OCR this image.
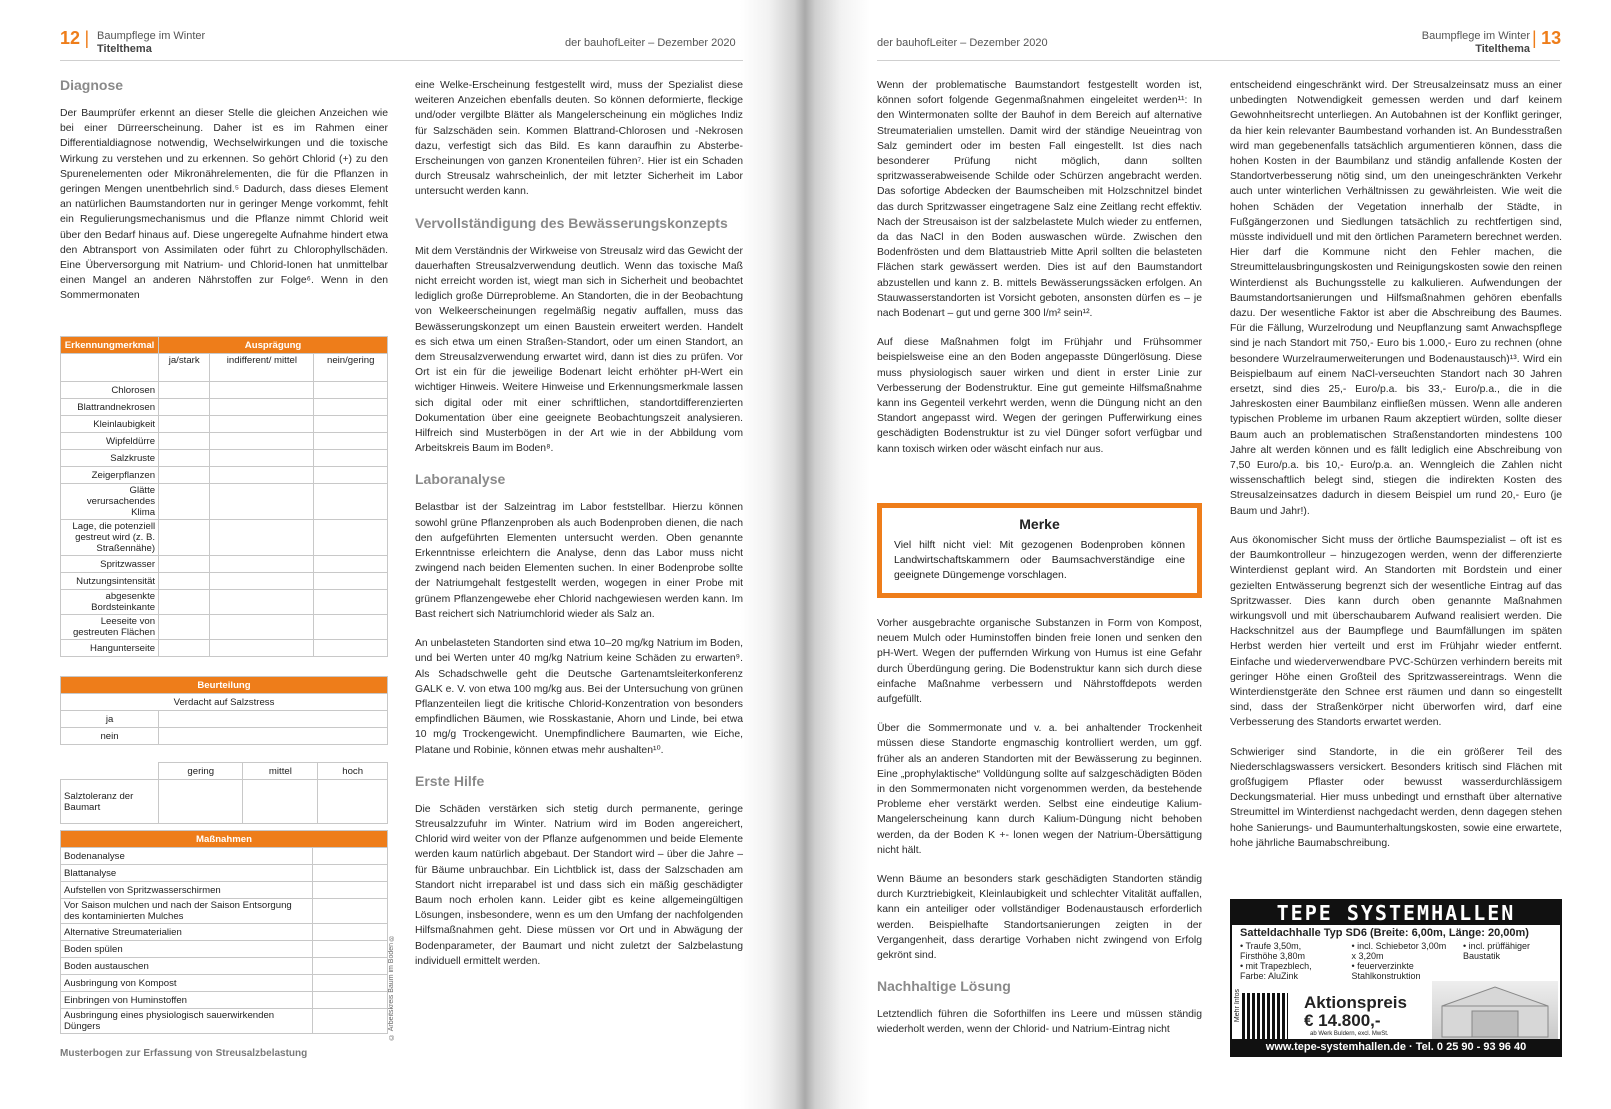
12 | Baumpflege im Winter
Titelthema	der bauhofLeiter – Dezember 2020	der bauhofLeiter – Dezember 2020
Baumpflege im Winter
Titelthema
| 13
Diagnose

Der Baumprüfer erkennt an dieser Stelle die gleichen Anzeichen wie bei einer Dürreerscheinung. Daher ist es im Rahmen einer Differentialdiagnose notwendig, Wechselwirkungen und die toxische Wirkung zu verstehen und zu erkennen. So gehört Chlorid (+) zu den Spurenelementen oder Mikronährelementen, die für die Pflanzen in geringen Mengen unentbehrlich sind.⁵ Dadurch, dass dieses Element an natürlichen Baumstandorten nur in geringer Menge vorkommt, fehlt ein Regulierungsmechanismus und die Pflanze nimmt Chlorid weit über den Bedarf hinaus auf. Diese ungeregelte Aufnahme hindert etwa den Abtransport von Assimilaten oder führt zu Chlorophyllschäden. Eine Überversorgung mit Natrium- und Chlorid-Ionen hat unmittelbar einen Mangel an anderen Nährstoffen zur Folge⁶. Wenn in den Sommermonaten

Erkennungmerkmal	Ausprägung		
	ja/stark	indifferent/ mittel	nein/gering
Chlorosen			
Blattrandnekrosen			
Kleinlaubigkeit			
Wipfeldürre			
Salzkruste			
Zeigerpflanzen			
Glätte verursachendes Klima			
Lage, die potenziell gestreut wird (z. B. Straßennähe)			
Spritzwasser			
Nutzungsintensität			
abgesenkte Bordsteinkante			
Leeseite von gestreuten Flächen			
Hangunterseite			
Beurteilung			
Verdacht auf Salzstress			
ja			
nein			

	gering	mittel	hoch
Salztoleranz der Baumart			
Maßnahmen	
Bodenanalyse	
Blattanalyse	
Aufstellen von Spritzwasserschirmen	
Vor Saison mulchen und nach der Saison Entsorgung des kontaminierten Mulches	
Alternative Streumaterialien	
Boden spülen	
Boden austauschen	
Ausbringung von Kompost	
Einbringen von Huminstoffen	
Ausbringung eines physiologisch sauerwirkenden Düngers	
Musterbogen zur Erfassung von Streusalzbelastung
© Arbeitskreis Baum im Boden ®

eine Welke-Erscheinung festgestellt wird, muss der Spezialist diese weiteren Anzeichen ebenfalls deuten. So können deformierte, fleckige und/oder vergilbte Blätter als Mangelerscheinung ein mögliches Indiz für Salzschäden sein. Kommen Blattrand-Chlorosen und -Nekrosen dazu, verfestigt sich das Bild. Es kann daraufhin zu Absterbe-Erscheinungen von ganzen Kronenteilen führen⁷. Hier ist ein Schaden durch Streusalz wahrscheinlich, der mit letzter Sicherheit im Labor untersucht werden kann.

Vervollständigung des Bewässerungskonzepts

Mit dem Verständnis der Wirkweise von Streusalz wird das Gewicht der dauerhaften Streusalzverwendung deutlich. Wenn das toxische Maß nicht erreicht worden ist, wiegt man sich in Sicherheit und beobachtet lediglich große Dürreprobleme. An Standorten, die in der Beobachtung von Welkeerscheinungen regelmäßig negativ auffallen, muss das Bewässerungskonzept um einen Baustein erweitert werden. Handelt es sich etwa um einen Straßen-Standort, oder um einen Standort, an dem Streusalzverwendung erwartet wird, dann ist dies zu prüfen. Vor Ort ist ein für die jeweilige Bodenart leicht erhöhter pH-Wert ein wichtiger Hinweis. Weitere Hinweise und Erkennungsmerkmale lassen sich digital oder mit einer schriftlichen, standortdifferenzierten Dokumentation über eine geeignete Beobachtungszeit analysieren. Hilfreich sind Musterbögen in der Art wie in der Abbildung vom Arbeitskreis Baum im Boden⁸.

Laboranalyse

Belastbar ist der Salzeintrag im Labor feststellbar. Hierzu können sowohl grüne Pflanzenproben als auch Bodenproben dienen, die nach den aufgeführten Elementen untersucht werden. Oben genannte Erkenntnisse erleichtern die Analyse, denn das Labor muss nicht zwingend nach beiden Elementen suchen. In einer Bodenprobe sollte der Natriumgehalt festgestellt werden, wogegen in einer Probe mit grünem Pflanzengewebe eher Chlorid nachgewiesen werden kann. Im Bast reichert sich Natriumchlorid wieder als Salz an.

An unbelasteten Standorten sind etwa 10–20 mg/kg Natrium im Boden, und bei Werten unter 40 mg/kg Natrium keine Schäden zu erwarten⁹. Als Schadschwelle geht die Deutsche Gartenamtsleiterkonferenz GALK e. V. von etwa 100 mg/kg aus. Bei der Untersuchung von grünen Pflanzenteilen liegt die kritische Chlorid-Konzentration von besonders empfindlichen Bäumen, wie Rosskastanie, Ahorn und Linde, bei etwa 10 mg/g Trockengewicht. Unempfindlichere Baumarten, wie Eiche, Platane und Robinie, können etwas mehr aushalten¹⁰.

Erste Hilfe

Die Schäden verstärken sich stetig durch permanente, geringe Streusalzzufuhr im Winter. Natrium wird im Boden angereichert, Chlorid wird weiter von der Pflanze aufgenommen und beide Elemente werden kaum natürlich abgebaut. Der Standort wird – über die Jahre – für Bäume unbrauchbar. Ein Lichtblick ist, dass der Salzschaden am Standort nicht irreparabel ist und dass sich ein mäßig geschädigter Baum noch erholen kann. Leider gibt es keine allgemeingültigen Lösungen, insbesondere, wenn es um den Umfang der nachfolgenden Hilfsmaßnahmen geht. Diese müssen vor Ort und in Abwägung der Bodenparameter, der Baumart und nicht zuletzt der Salzbelastung individuell ermittelt werden.

Wenn der problematische Baumstandort festgestellt worden ist, können sofort folgende Gegenmaßnahmen eingeleitet werden¹¹: In den Wintermonaten sollte der Bauhof in dem Bereich auf alternative Streumaterialien umstellen. Damit wird der ständige Neueintrag von Salz gemindert oder im besten Fall eingestellt. Ist dies nach besonderer Prüfung nicht möglich, dann sollten spritzwasserabweisende Schilde oder Schürzen angebracht werden. Das sofortige Abdecken der Baumscheiben mit Holzschnitzel bindet das durch Spritzwasser eingetragene Salz eine Zeitlang recht effektiv. Nach der Streusaison ist der salzbelastete Mulch wieder zu entfernen, da das NaCl in den Boden auswaschen würde. Zwischen den Bodenfrösten und dem Blattaustrieb Mitte April sollten die belasteten Flächen stark gewässert werden. Dies ist auf den Baumstandort abzustellen und kann z. B. mittels Bewässerungssäcken erfolgen. An Stauwasserstandorten ist Vorsicht geboten, ansonsten dürfen es – je nach Bodenart – gut und gerne 300 l/m² sein¹².

Auf diese Maßnahmen folgt im Frühjahr und Frühsommer beispielsweise eine an den Boden angepasste Düngerlösung. Diese muss physiologisch sauer wirken und dient in erster Linie zur Verbesserung der Bodenstruktur. Eine gut gemeinte Hilfsmaßnahme kann ins Gegenteil verkehrt werden, wenn die Düngung nicht an den Standort angepasst wird. Wegen der geringen Pufferwirkung eines geschädigten Bodenstruktur ist zu viel Dünger sofort verfügbar und kann toxisch wirken oder wäscht einfach nur aus.

Merke
Viel hilft nicht viel: Mit gezogenen Bodenproben können Landwirtschaftskammern oder Baumsachverständige eine geeignete Düngemenge vorschlagen.

Vorher ausgebrachte organische Substanzen in Form von Kompost, neuem Mulch oder Huminstoffen binden freie Ionen und senken den pH-Wert. Wegen der puffernden Wirkung von Humus ist eine Gefahr durch Überdüngung gering. Die Bodenstruktur kann sich durch diese einfache Maßnahme verbessern und Nährstoffdepots werden aufgefüllt.

Über die Sommermonate und v. a. bei anhaltender Trockenheit müssen diese Standorte engmaschig kontrolliert werden, um ggf. früher als an anderen Standorten mit der Bewässerung zu beginnen. Eine „prophylaktische“ Volldüngung sollte auf salzgeschädigten Böden in den Sommermonaten nicht vorgenommen werden, da bestehende Probleme eher verstärkt werden. Selbst eine eindeutige Kalium-Mangelerscheinung kann durch Kalium-Düngung nicht behoben werden, da der Boden K +- lonen wegen der Natrium-Übersättigung nicht hält.

Wenn Bäume an besonders stark geschädigten Standorten ständig durch Kurztriebigkeit, Kleinlaubigkeit und schlechter Vitalität auffallen, kann ein anteiliger oder vollständiger Bodenaustausch erforderlich werden. Beispielhafte Standortsanierungen zeigten in der Vergangenheit, dass derartige Vorhaben nicht zwingend von Erfolg gekrönt sind.

Nachhaltige Lösung

Letztendlich führen die Soforthilfen ins Leere und müssen ständig wiederholt werden, wenn der Chlorid- und Natrium-Eintrag nicht

entscheidend eingeschränkt wird. Der Streusalzeinsatz muss an einer unbedingten Notwendigkeit gemessen werden und darf keinem Gewohnheitsrecht unterliegen. An Autobahnen ist der Konflikt geringer, da hier kein relevanter Baumbestand vorhanden ist. An Bundesstraßen wird man gegebenenfalls tatsächlich argumentieren können, dass die hohen Kosten in der Baumbilanz und ständig anfallende Kosten der Standortverbesserung nötig sind, um den uneingeschränkten Verkehr auch unter winterlichen Verhältnissen zu gewährleisten. Wie weit die hohen Schäden der Vegetation innerhalb der Städte, in Fußgängerzonen und Siedlungen tatsächlich zu rechtfertigen sind, müsste individuell und mit den örtlichen Parametern berechnet werden. Hier darf die Kommune nicht den Fehler machen, die Streumittelausbringungskosten und Reinigungskosten sowie den reinen Winterdienst als Buchungsstelle zu kalkulieren. Aufwendungen der Baumstandortsanierungen und Hilfsmaßnahmen gehören ebenfalls dazu. Der wesentliche Faktor ist aber die Abschreibung des Baumes. Für die Fällung, Wurzelrodung und Neupflanzung samt Anwachspflege sind je nach Standort mit 750,- Euro bis 1.000,- Euro zu rechnen (ohne besondere Wurzelraumerweiterungen und Bodenaustausch)¹³. Wird ein Beispielbaum auf einem NaCl-verseuchten Standort nach 30 Jahren ersetzt, sind dies 25,- Euro/p.a. bis 33,- Euro/p.a., die in die Jahreskosten einer Baumbilanz einfließen müssen. Wenn alle anderen typischen Probleme im urbanen Raum akzeptiert würden, sollte dieser Baum auch an problematischen Straßenstandorten mindestens 100 Jahre alt werden können und es fällt lediglich eine Abschreibung von 7,50 Euro/p.a. bis 10,- Euro/p.a. an. Wenngleich die Zahlen nicht wissenschaftlich belegt sind, stiegen die indirekten Kosten des Streusalzeinsatzes dadurch in diesem Beispiel um rund 20,- Euro (je Baum und Jahr!).

Aus ökonomischer Sicht muss der örtliche Baumspezialist – oft ist es der Baumkontrolleur – hinzugezogen werden, wenn der differenzierte Winterdienst geplant wird. An Standorten mit Bordstein und einer gezielten Entwässerung begrenzt sich der wesentliche Eintrag auf das Spritzwasser. Dies kann durch oben genannte Maßnahmen wirkungsvoll und mit überschaubarem Aufwand realisiert werden. Die Hackschnitzel aus der Baumpflege und Baumfällungen im späten Herbst werden hier verteilt und erst im Frühjahr wieder entfernt. Einfache und wiederverwendbare PVC-Schürzen verhindern bereits mit geringer Höhe einen Großteil des Spritzwassereintrags. Wenn die Winterdienstgeräte den Schnee erst räumen und dann so eingestellt sind, dass der Straßenkörper nicht überworfen wird, darf eine Verbesserung des Standorts erwartet werden.

Schwieriger sind Standorte, in die ein größerer Teil des Niederschlagswassers versickert. Besonders kritisch sind Flächen mit großfugigem Pflaster oder bewusst wasserdurchlässigem Deckungsmaterial. Hier muss unbedingt und ernsthaft über alternative Streumittel im Winterdienst nachgedacht werden, denn dagegen stehen hohe Sanierungs- und Baumunterhaltungskosten, sowie eine erwartete, hohe jährliche Baumabschreibung.

TEPE SYSTEMHALLEN
Satteldachhalle Typ SD6 (Breite: 6,00m, Länge: 20,00m)
• Traufe 3,50m, Firsthöhe 3,80m
• mit Trapezblech, Farbe: AluZink
• incl. Schiebetor 3,00m x 3,20m
• feuerverzinkte Stahlkonstruktion
• incl. prüffähiger Baustatik
Mehr Infos	Aktionspreis
€ 14.800,-
ab Werk Buldern, excl. MwSt.
www.tepe-systemhallen.de · Tel. 0 25 90 - 93 96 40
